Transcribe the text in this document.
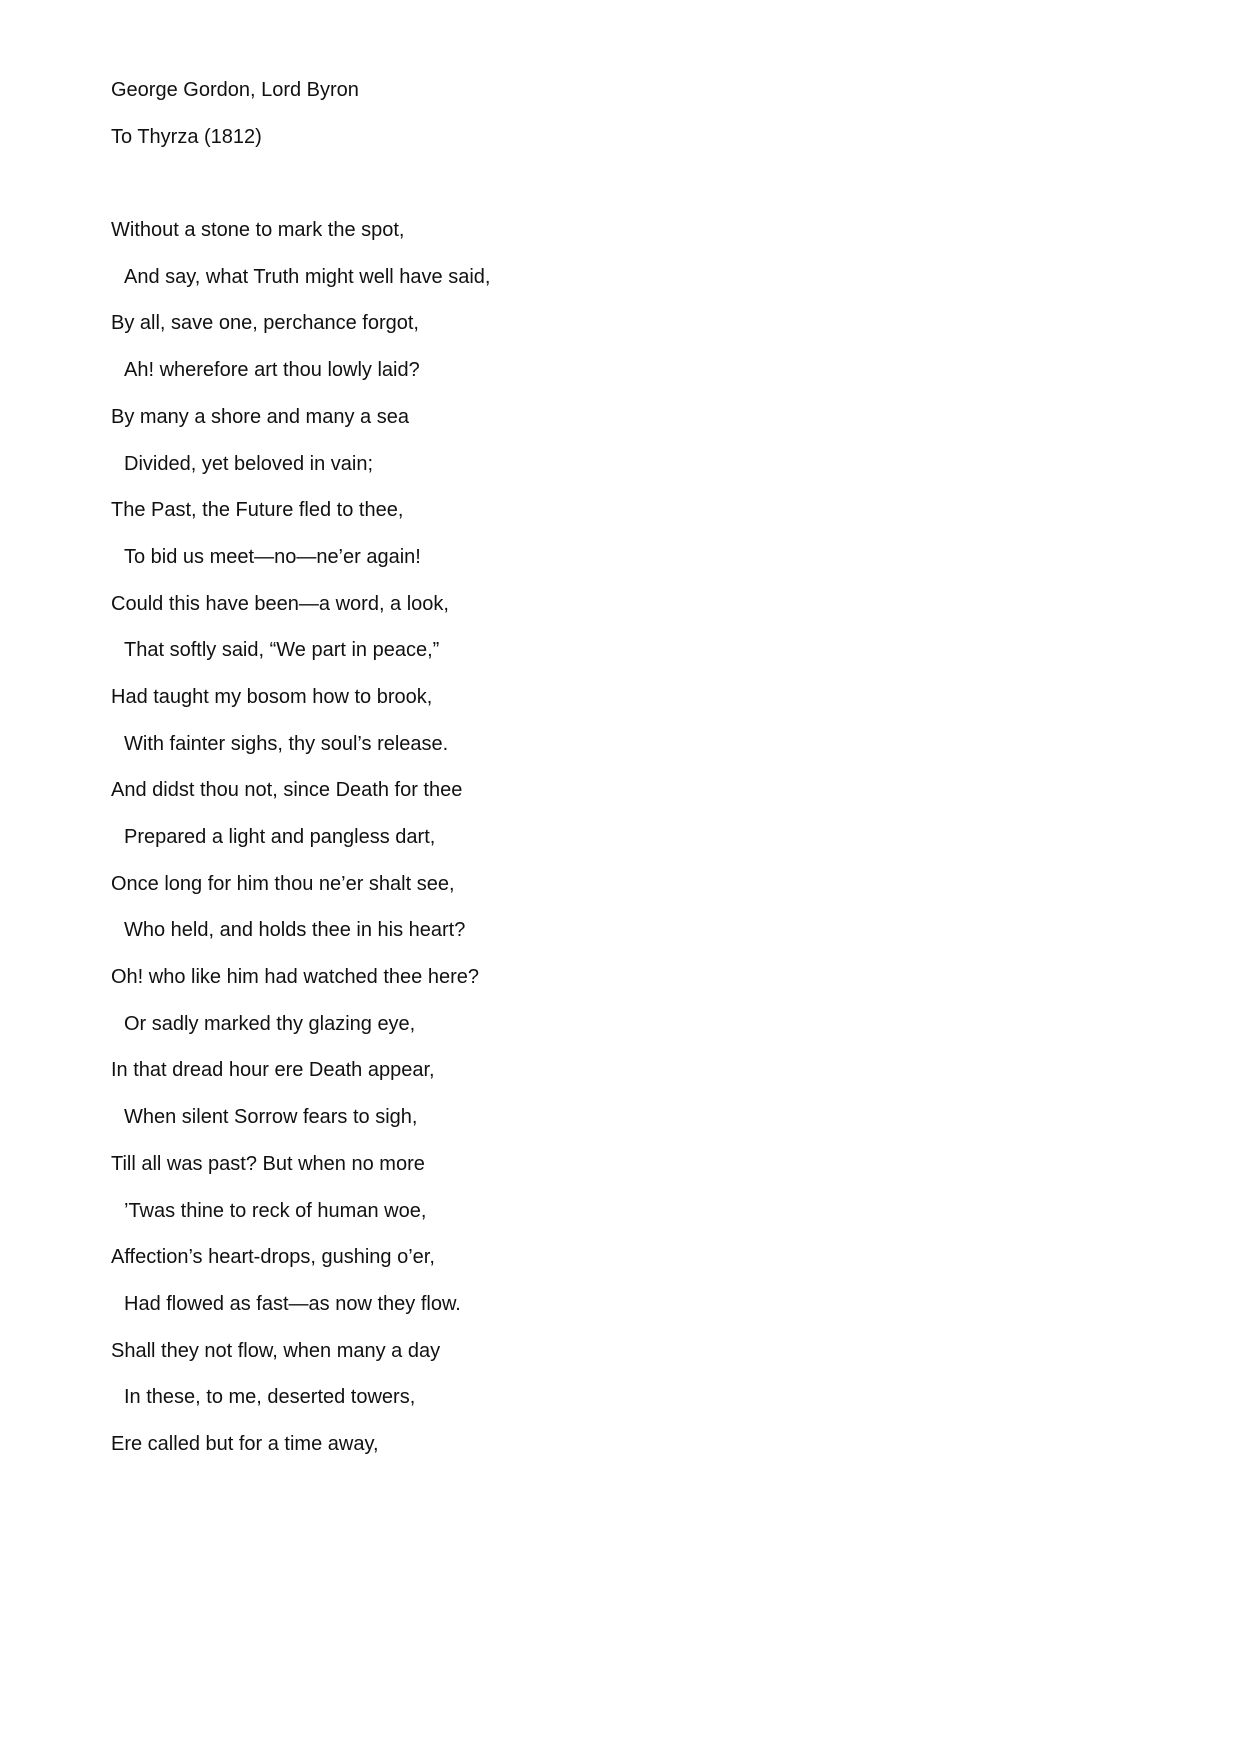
George Gordon, Lord Byron
To Thyrza (1812)
Without a stone to mark the spot,
And say, what Truth might well have said,
By all, save one, perchance forgot,
Ah! wherefore art thou lowly laid?
By many a shore and many a sea
Divided, yet beloved in vain;
The Past, the Future fled to thee,
To bid us meet—no—ne’er again!
Could this have been—a word, a look,
That softly said, “We part in peace,”
Had taught my bosom how to brook,
With fainter sighs, thy soul’s release.
And didst thou not, since Death for thee
Prepared a light and pangless dart,
Once long for him thou ne’er shalt see,
Who held, and holds thee in his heart?
Oh! who like him had watched thee here?
Or sadly marked thy glazing eye,
In that dread hour ere Death appear,
When silent Sorrow fears to sigh,
Till all was past? But when no more
’Twas thine to reck of human woe,
Affection’s heart-drops, gushing o’er,
Had flowed as fast—as now they flow.
Shall they not flow, when many a day
In these, to me, deserted towers,
Ere called but for a time away,
